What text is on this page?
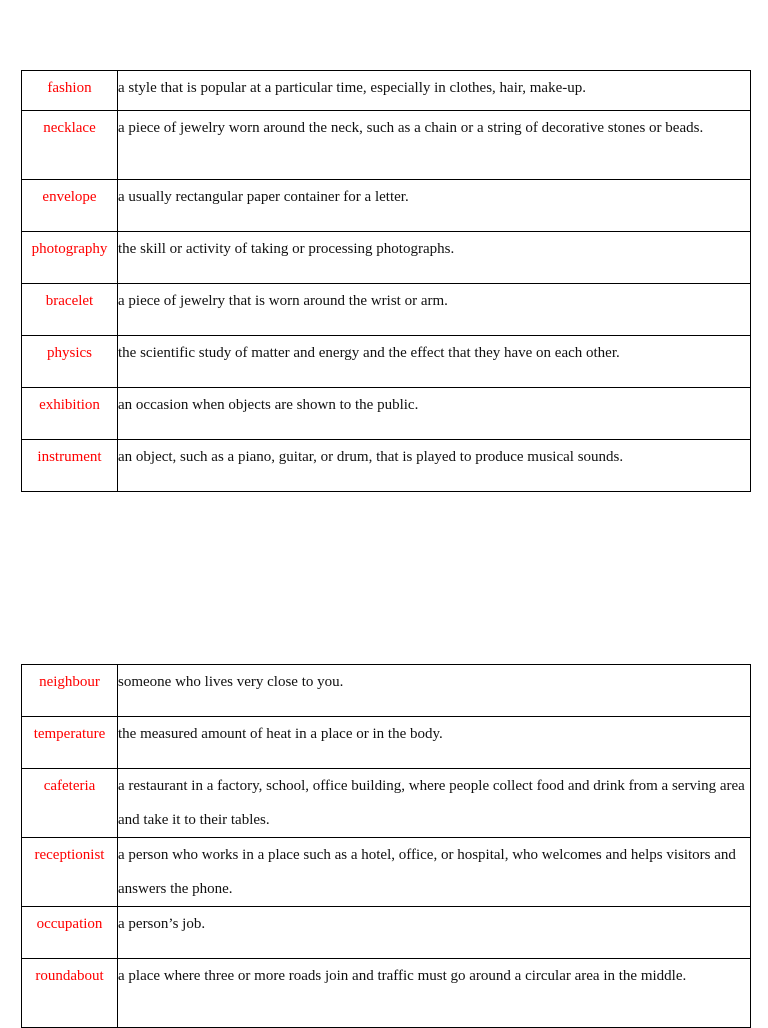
fashion	a style that is popular at a particular time, especially in clothes, hair, make-up.
necklace	a piece of jewelry worn around the neck, such as a chain or a string of decorative stones or beads.
envelope	a usually rectangular paper container for a letter.
photography	the skill or activity of taking or processing photographs.
bracelet	a piece of jewelry that is worn around the wrist or arm.
physics	the scientific study of matter and energy and the effect that they have on each other.
exhibition	an occasion when objects are shown to the public.
instrument	an object, such as a piano, guitar, or drum, that is played to produce musical sounds.
neighbour	someone who lives very close to you.
temperature	the measured amount of heat in a place or in the body.
cafeteria	a restaurant in a factory, school, office building, where people collect food and drink from a serving area and take it to their tables.
receptionist	a person who works in a place such as a hotel, office, or hospital, who welcomes and helps visitors and answers the phone.
occupation	a person’s job.
roundabout	a place where three or more roads join and traffic must go around a circular area in the middle.
